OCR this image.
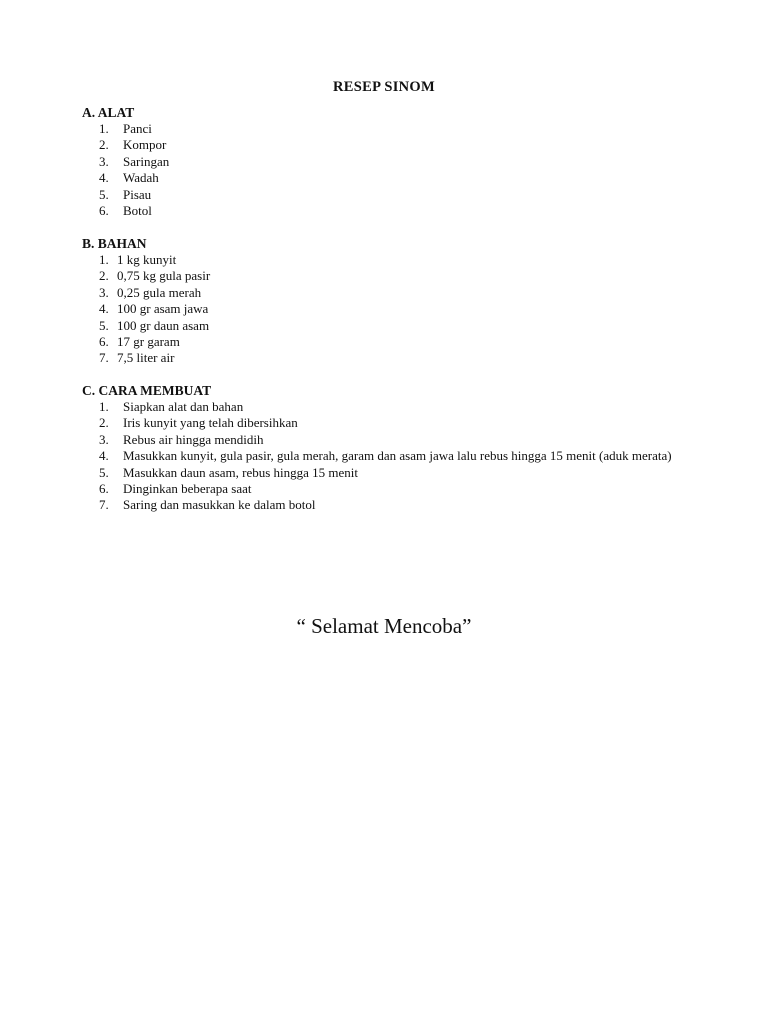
RESEP SINOM
A. ALAT
1.	Panci
2.	Kompor
3.	Saringan
4.	Wadah
5.	Pisau
6.	Botol
B. BAHAN
1. 1 kg kunyit
2. 0,75 kg gula pasir
3. 0,25 gula merah
4. 100 gr asam jawa
5. 100 gr daun asam
6. 17 gr garam
7. 7,5 liter air
C. CARA MEMBUAT
1.	Siapkan alat dan bahan
2.	Iris kunyit yang telah dibersihkan
3.	Rebus air hingga mendidih
4.	Masukkan kunyit, gula pasir, gula merah, garam dan asam jawa lalu rebus hingga 15 menit (aduk merata)
5.	Masukkan daun asam, rebus hingga 15 menit
6.	Dinginkan beberapa saat
7.	Saring dan masukkan ke dalam botol
“ Selamat Mencoba”
